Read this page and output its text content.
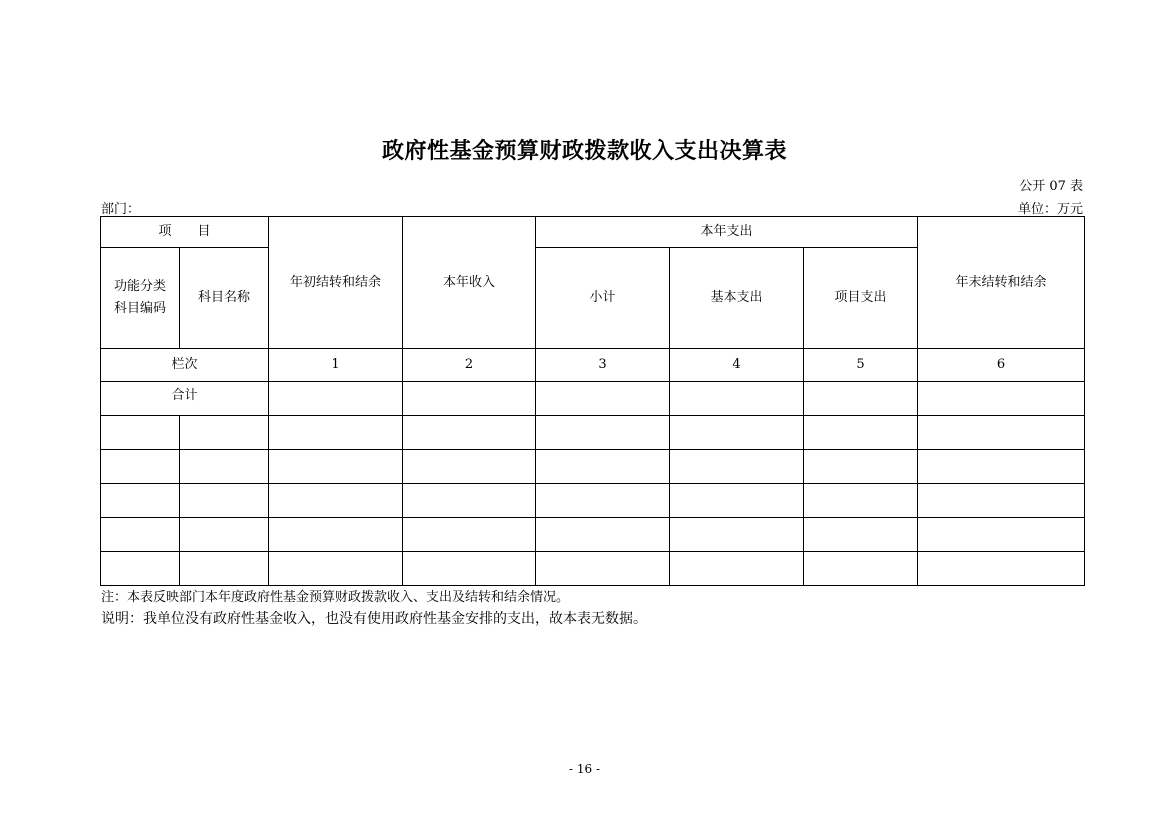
政府性基金预算财政拨款收入支出决算表
公开 07 表
部门：	单位：万元
项　　目		年初结转和结余	本年收入	本年支出			年末结转和结余
功能分类
科目编码	科目名称			小计	基本支出	项目支出	
栏次		1	2	3	4	5	6
合计							

注：本表反映部门本年度政府性基金预算财政拨款收入、支出及结转和结余情况。
说明：我单位没有政府性基金收入，也没有使用政府性基金安排的支出，故本表无数据。
- 16 -
